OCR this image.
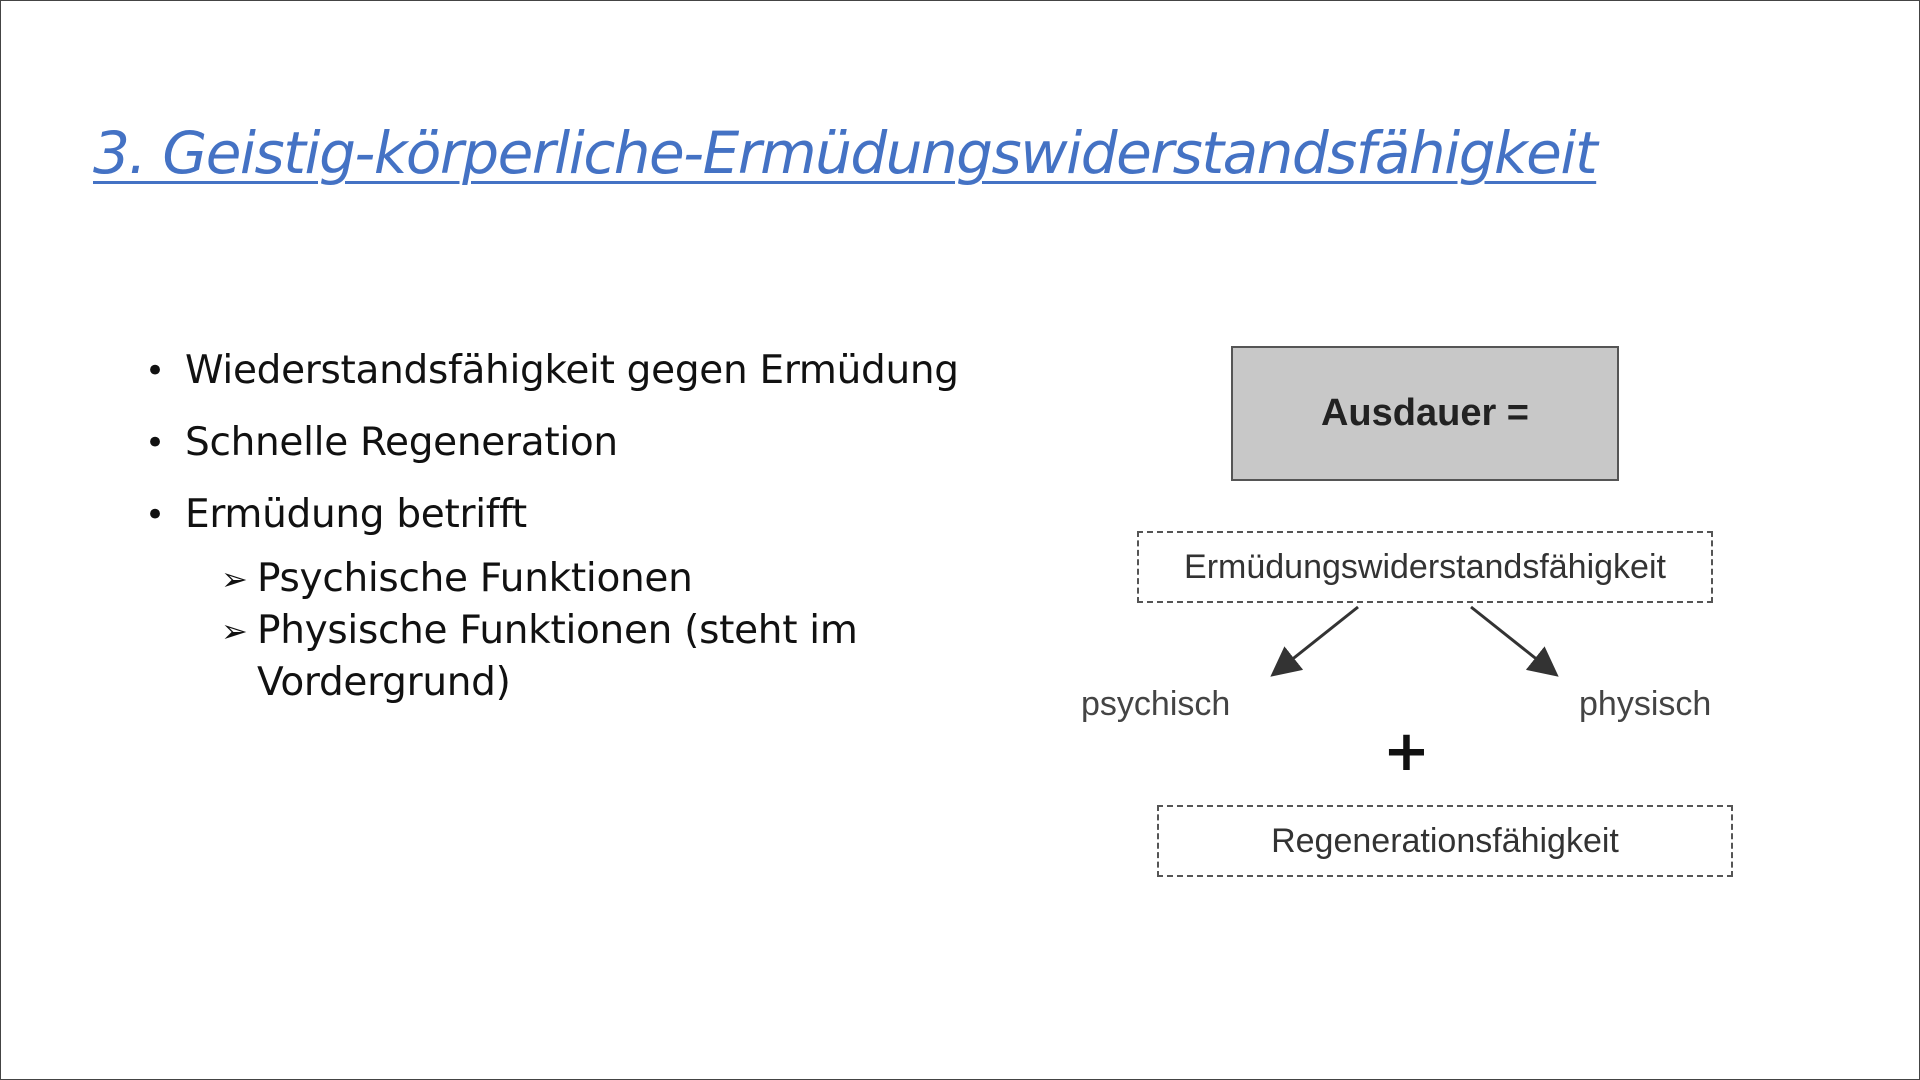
3. Geistig-körperliche-Ermüdungswiderstandsfähigkeit
• Wiederstandsfähigkeit gegen Ermüdung
• Schnelle Regeneration
• Ermüdung betrifft
➢ Psychische Funktionen
➢ Physische Funktionen (steht im Vordergrund)
Ausdauer =
Ermüdungswiderstandsfähigkeit
psychisch	physisch
+
Regenerationsfähigkeit
